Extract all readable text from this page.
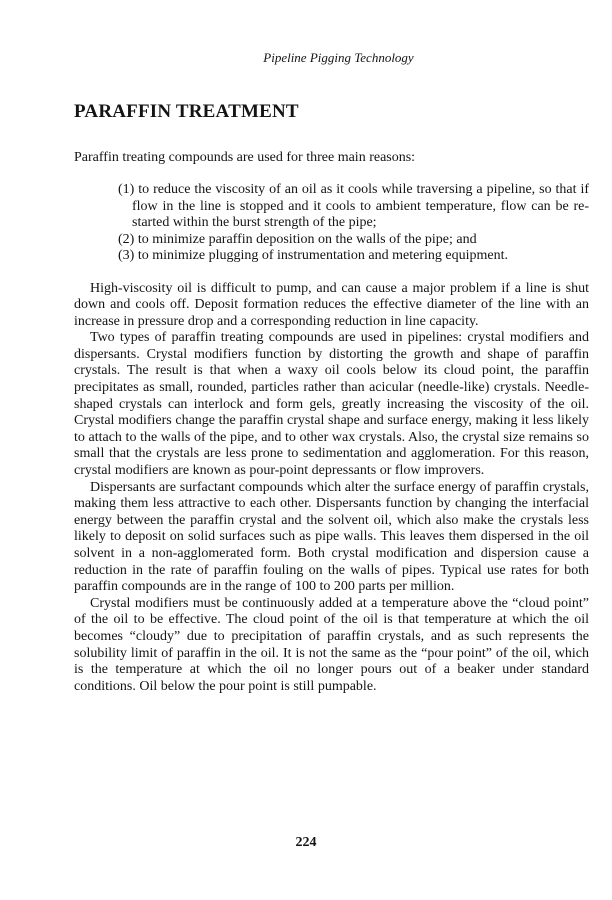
Pipeline Pigging Technology
PARAFFIN TREATMENT

Paraffin treating compounds are used for three main reasons:

(1) to reduce the viscosity of an oil as it cools while traversing a pipeline, so that if flow in the line is stopped and it cools to ambient temperature, flow can be re-started within the burst strength of the pipe;
(2) to minimize paraffin deposition on the walls of the pipe; and
(3) to minimize plugging of instrumentation and metering equipment.

High-viscosity oil is difficult to pump, and can cause a major problem if a line is shut down and cools off. Deposit formation reduces the effective diameter of the line with an increase in pressure drop and a corresponding reduction in line capacity.

Two types of paraffin treating compounds are used in pipelines: crystal modifiers and dispersants. Crystal modifiers function by distorting the growth and shape of paraffin crystals. The result is that when a waxy oil cools below its cloud point, the paraffin precipitates as small, rounded, particles rather than acicular (needle-like) crystals. Needle-shaped crystals can interlock and form gels, greatly increasing the viscosity of the oil. Crystal modifiers change the paraffin crystal shape and surface energy, making it less likely to attach to the walls of the pipe, and to other wax crystals. Also, the crystal size remains so small that the crystals are less prone to sedimentation and agglomeration. For this reason, crystal modifiers are known as pour-point depressants or flow improvers.

Dispersants are surfactant compounds which alter the surface energy of paraffin crystals, making them less attractive to each other. Dispersants function by changing the interfacial energy between the paraffin crystal and the solvent oil, which also make the crystals less likely to deposit on solid surfaces such as pipe walls. This leaves them dispersed in the oil solvent in a non-agglomerated form. Both crystal modification and dispersion cause a reduction in the rate of paraffin fouling on the walls of pipes. Typical use rates for both paraffin compounds are in the range of 100 to 200 parts per million.

Crystal modifiers must be continuously added at a temperature above the “cloud point” of the oil to be effective. The cloud point of the oil is that temperature at which the oil becomes “cloudy” due to precipitation of paraffin crystals, and as such represents the solubility limit of paraffin in the oil. It is not the same as the “pour point” of the oil, which is the temperature at which the oil no longer pours out of a beaker under standard conditions. Oil below the pour point is still pumpable.

224
